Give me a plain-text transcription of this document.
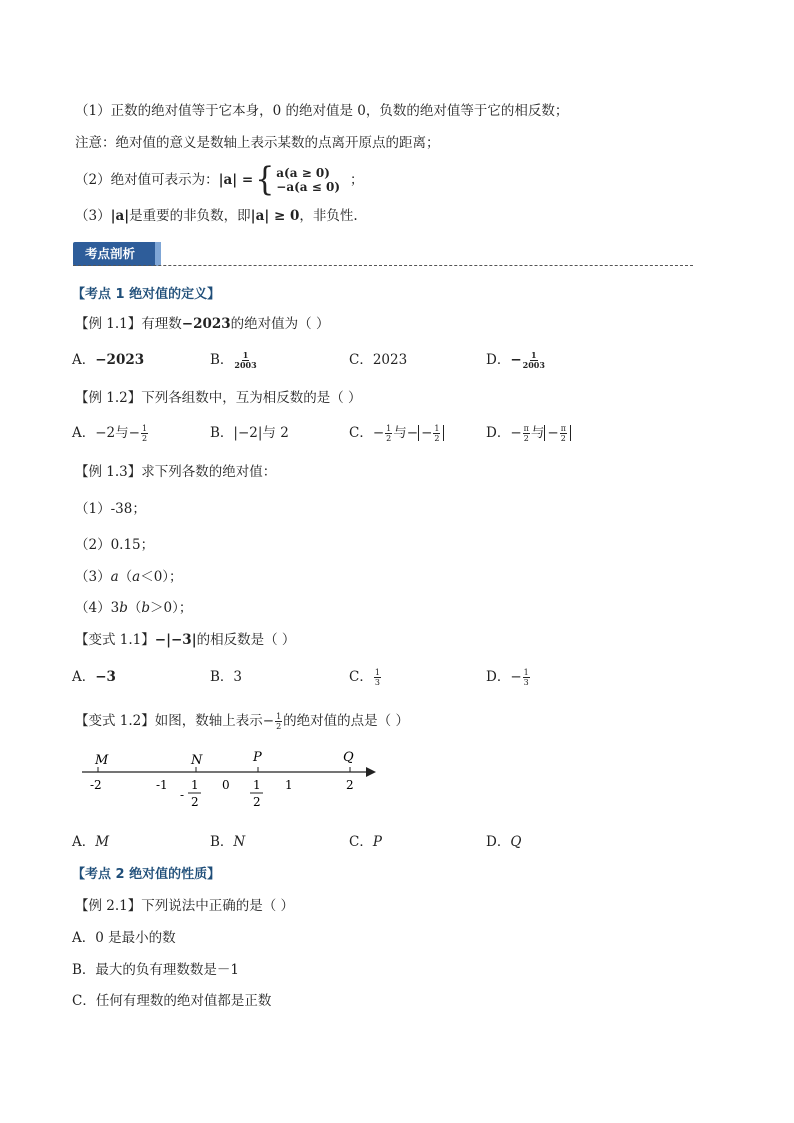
（1）正数的绝对值等于它本身，0 的绝对值是 0，负数的绝对值等于它的相反数；
注意：绝对值的意义是数轴上表示某数的点离开原点的距离；
（2）绝对值可表示为： |a| = { a(a ≥ 0)
−a(a ≤ 0) ；
（3）|a|是重要的非负数，即|a| ≥ 0，非负性.
考点剖析
【考点 1 绝对值的定义】
【例 1.1】有理数−2023的绝对值为（ ）
A．−2023	B． $\frac{1}{2003}$	C．2023	D．− $\frac{1}{2003}$
【例 1.2】下列各组数中，互为相反数的是（ ）
A．−2与− $\frac{1}{2}$	B．|−2|与 2	C．− $\frac{1}{2}$ 与− − $\frac{1}{2}$	D．− $\frac{\pi}{2}$ 与 − $\frac{\pi}{2}$
【例 1.3】求下列各数的绝对值：
（1）-38；
（2）0.15；
（3）a（a＜0）；
（4）3b（b＞0）；
【变式 1.1】−|−3|的相反数是（ ）
A．−3	B．3	C． $\frac{1}{3}$	D．− $\frac{1}{3}$
【变式 1.2】如图，数轴上表示− $\frac{1}{2}$ 的绝对值的点是（ ）
M	N	P	Q
-2	-1	0	1	2
-
1
2
1
2
A．M	B．N	C．P	D．Q
【考点 2 绝对值的性质】
【例 2.1】下列说法中正确的是（ ）
A．0 是最小的数
B．最大的负有理数数是－1
C．任何有理数的绝对值都是正数
